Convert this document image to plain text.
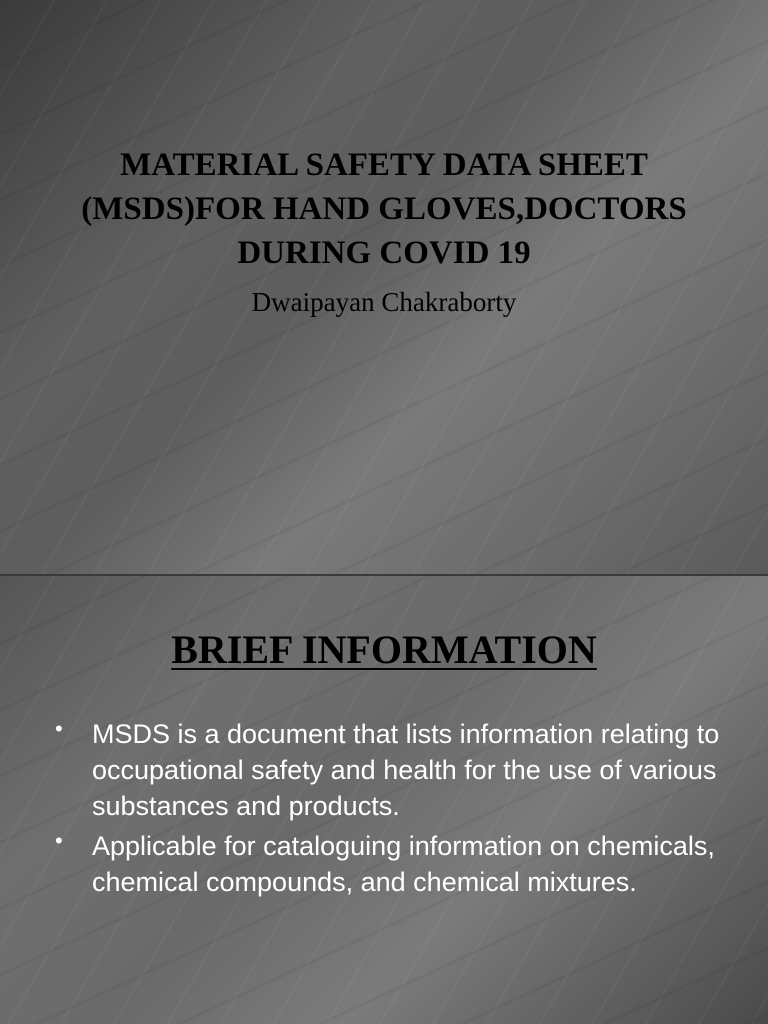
MATERIAL SAFETY DATA SHEET
(MSDS)FOR HAND GLOVES,DOCTORS
DURING COVID 19

Dwaipayan Chakraborty

BRIEF INFORMATION
• MSDS is a document that lists information relating to occupational safety and health for the use of various substances and products.
• Applicable for cataloguing information on chemicals, chemical compounds, and chemical mixtures.
